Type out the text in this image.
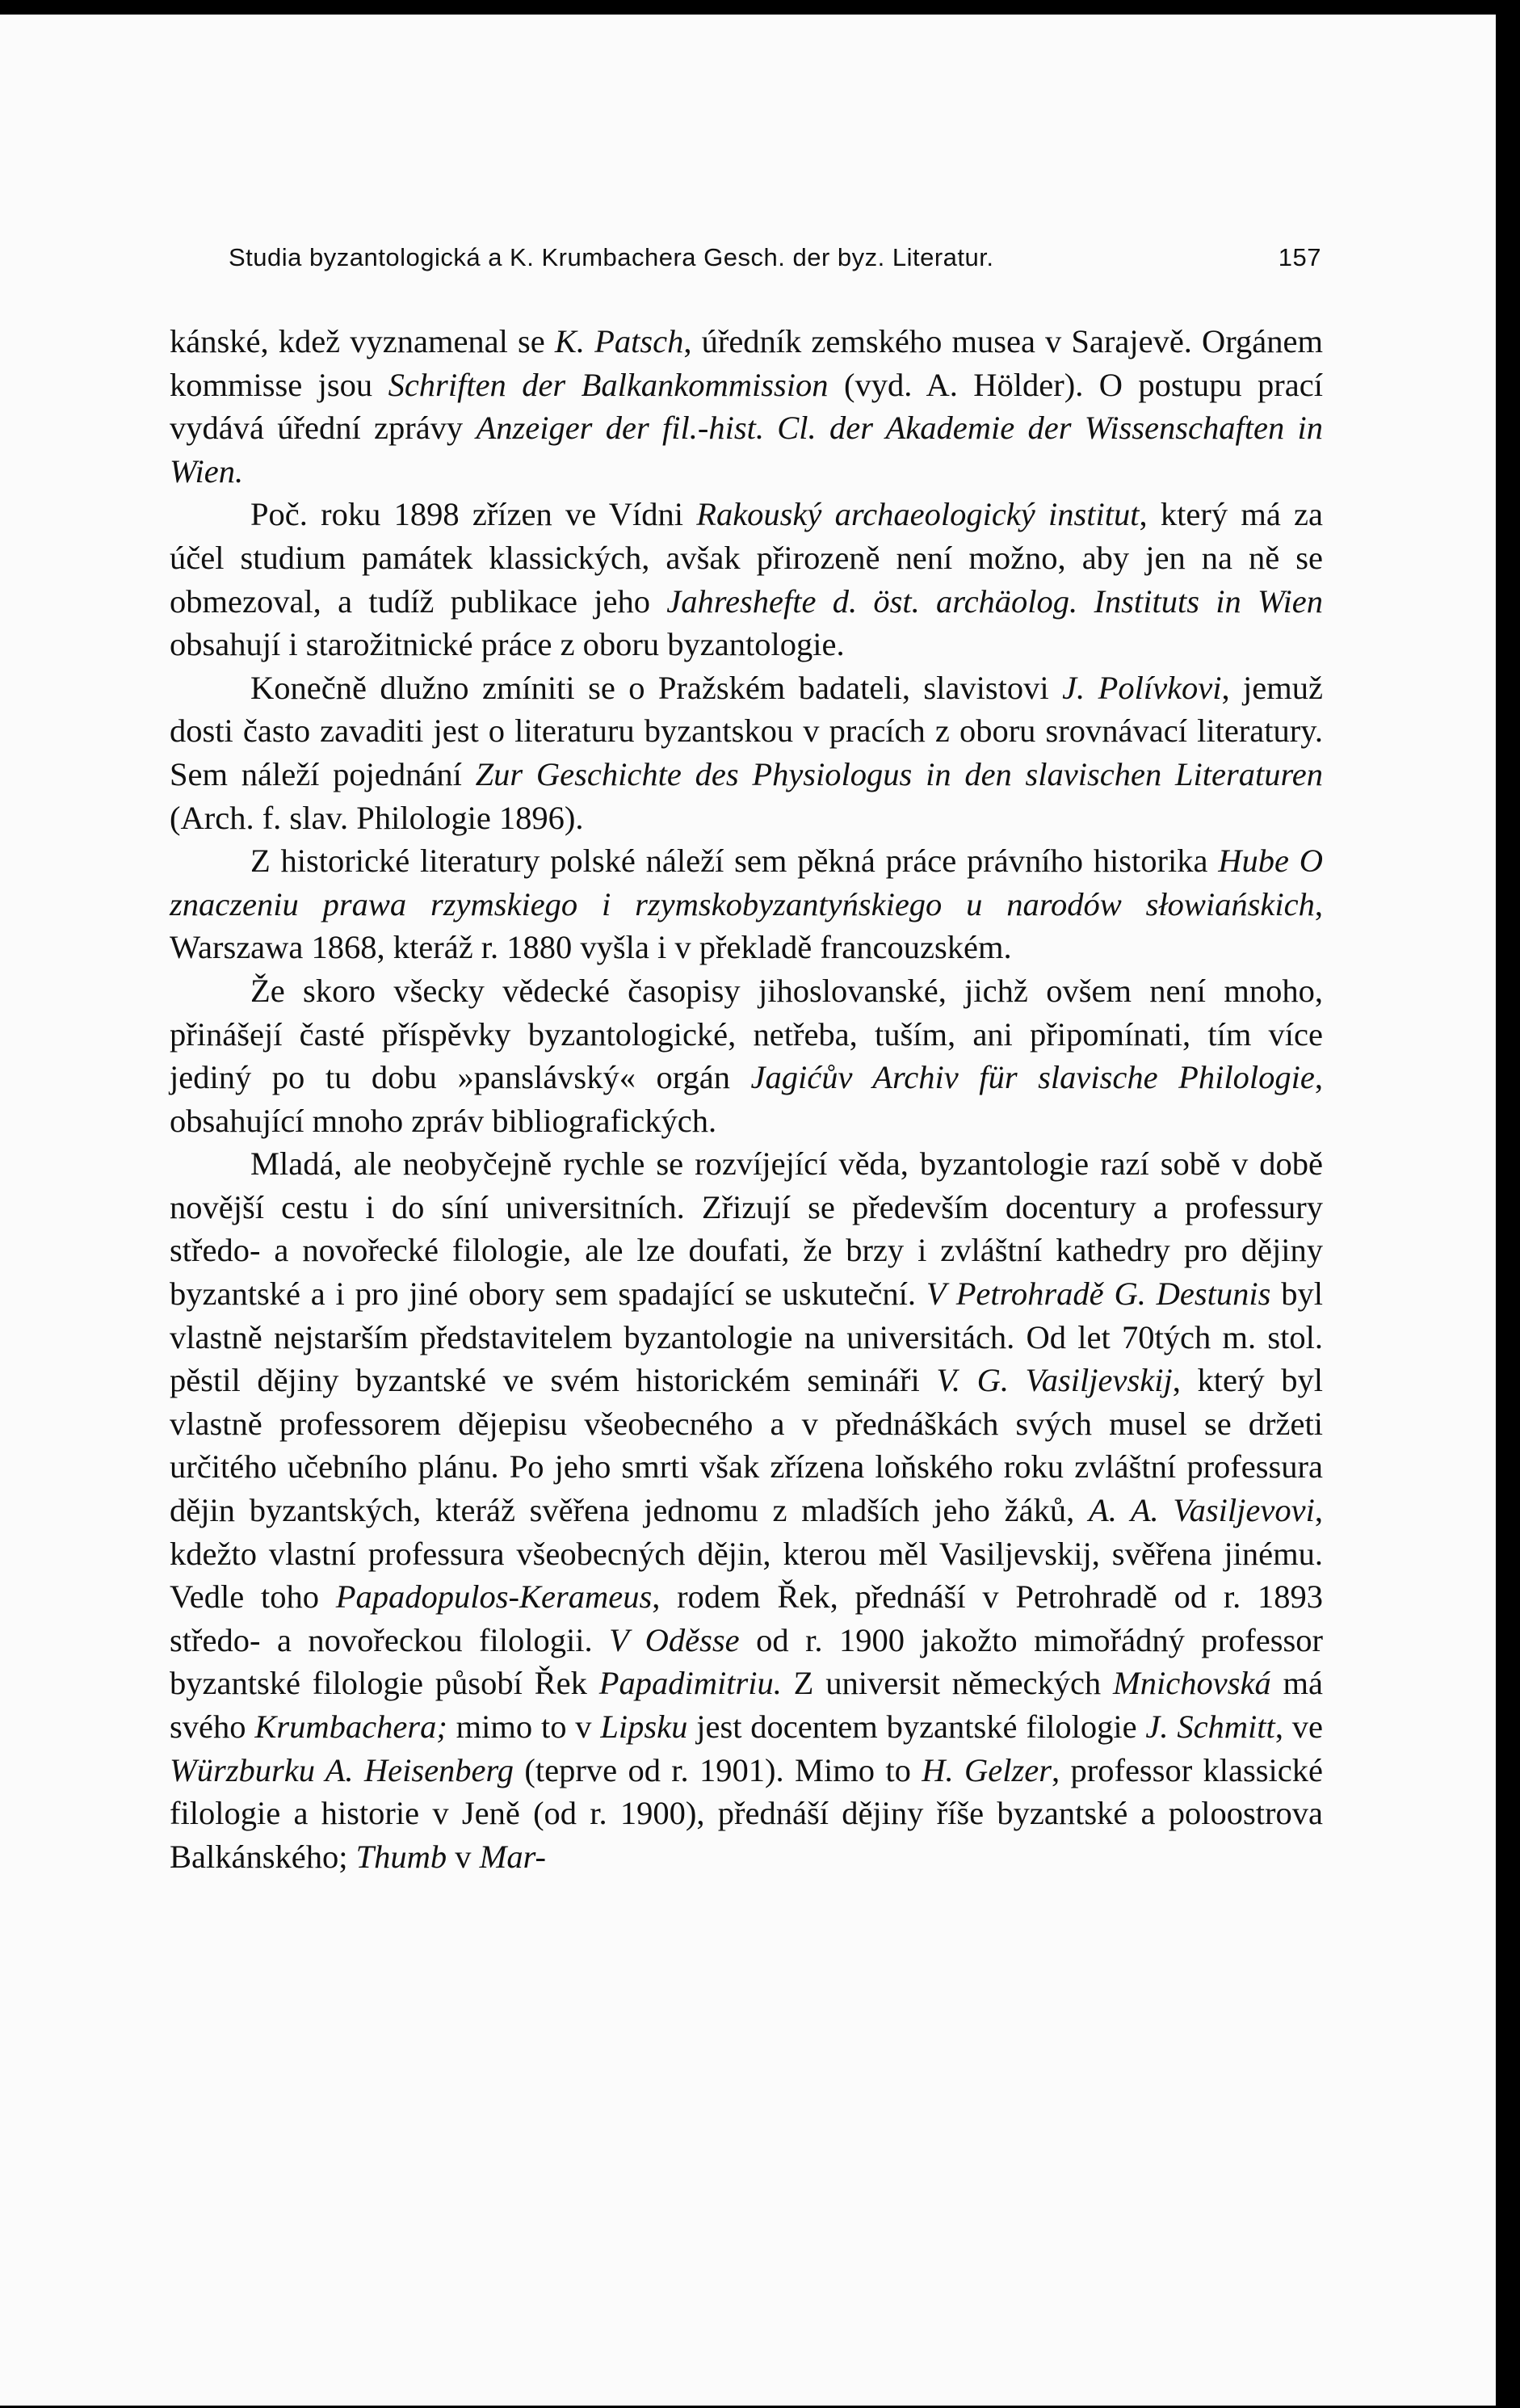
Studia byzantologická a K. Krumbachera Gesch. der byz. Literatur.	157

kánské, kdež vyznamenal se K. Patsch, úředník zemského musea v Sarajevě. Orgánem kommisse jsou Schriften der Balkankommission (vyd. A. Hölder). O postupu prací vydává úřední zprávy Anzeiger der fil.-hist. Cl. der Akademie der Wissenschaften in Wien.

Poč. roku 1898 zřízen ve Vídni Rakouský archaeologický institut, který má za účel studium památek klassických, avšak přirozeně není možno, aby jen na ně se obmezoval, a tudíž publikace jeho Jahreshefte d. öst. archäolog. Instituts in Wien obsahují i starožitnické práce z oboru byzantologie.

Konečně dlužno zmíniti se o Pražském badateli, slavistovi J. Polívkovi, jemuž dosti často zavaditi jest o literaturu byzantskou v pracích z oboru srovnávací literatury. Sem náleží pojednání Zur Geschichte des Physiologus in den slavischen Literaturen (Arch. f. slav. Philologie 1896).

Z historické literatury polské náleží sem pěkná práce právního historika Hube O znaczeniu prawa rzymskiego i rzymskobyzantyńskiego u narodów słowiańskich, Warszawa 1868, kteráž r. 1880 vyšla i v překladě francouzském.

Že skoro všecky vědecké časopisy jihoslovanské, jichž ovšem není mnoho, přinášejí časté příspěvky byzantologické, netřeba, tuším, ani připomínati, tím více jediný po tu dobu »panslávský« orgán Jagićův Archiv für slavische Philologie, obsahující mnoho zpráv bibliografických.

Mladá, ale neobyčejně rychle se rozvíjející věda, byzantologie razí sobě v době novější cestu i do síní universitních. Zřizují se především docentury a professury středo- a novořecké filologie, ale lze doufati, že brzy i zvláštní kathedry pro dějiny byzantské a i pro jiné obory sem spadající se uskuteční. V Petrohradě G. Destunis byl vlastně nejstarším představitelem byzantologie na universitách. Od let 70tých m. stol. pěstil dějiny byzantské ve svém historickém semináři V. G. Vasiljevskij, který byl vlastně professorem dějepisu všeobecného a v přednáškách svých musel se držeti určitého učebního plánu. Po jeho smrti však zřízena loňského roku zvláštní professura dějin byzantských, kteráž svěřena jednomu z mladších jeho žáků, A. A. Vasiljevovi, kdežto vlastní professura všeobecných dějin, kterou měl Vasiljevskij, svěřena jinému. Vedle toho Papadopulos-Kerameus, rodem Řek, přednáší v Petrohradě od r. 1893 středo- a novořeckou filologii. V Oděsse od r. 1900 jakožto mimořádný professor byzantské filologie působí Řek Papadimitriu. Z universit německých Mnichovská má svého Krumbachera; mimo to v Lipsku jest docentem byzantské filologie J. Schmitt, ve Würzburku A. Heisenberg (teprve od r. 1901). Mimo to H. Gelzer, professor klassické filologie a historie v Jeně (od r. 1900), přednáší dějiny říše byzantské a poloostrova Balkánského; Thumb v Mar-
